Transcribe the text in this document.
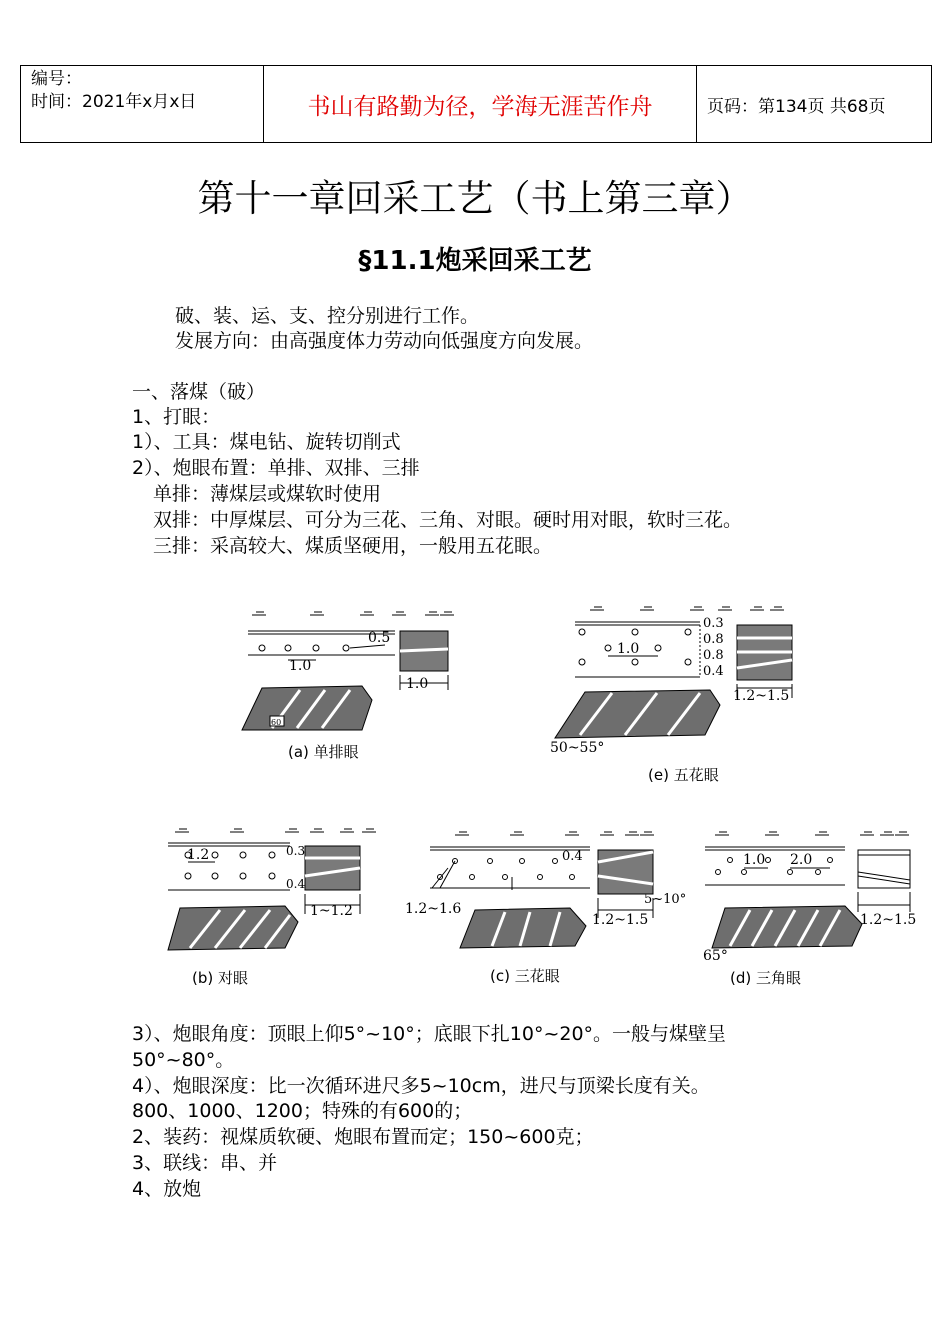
编号：
时间：2021年x月x日	书山有路勤为径，学海无涯苦作舟	页码：第134页 共68页
第十一章回采工艺（书上第三章）
§11.1炮采回采工艺
破、装、运、支、控分别进行工作。
发展方向：由高强度体力劳动向低强度方向发展。
一、落煤（破）
1、打眼：
1）、工具：煤电钻、旋转切削式
2）、炮眼布置：单排、双排、三排
单排：薄煤层或煤软时使用
双排：中厚煤层、可分为三花、三角、对眼。硬时用对眼，软时三花。
三排：采高较大、煤质坚硬用，一般用五花眼。
0.5
1.0
1.0
60
(a) 单排眼
1.0
0.3
0.8
0.8
0.4
1.2~1.5
50~55°
(e) 五花眼
1.2	0.3
0.4
1~1.2
(b) 对眼
0.4
1.2~1.6
5~10°
1.2~1.5
(c) 三花眼
1.0 2.0
1.2~1.5
65°
(d) 三角眼
3）、炮眼角度：顶眼上仰5°~10°；底眼下扎10°~20°。一般与煤壁呈
50°~80°。
4）、炮眼深度：比一次循环进尺多5~10cm，进尺与顶梁长度有关。
800、1000、1200；特殊的有600的；
2、装药：视煤质软硬、炮眼布置而定；150~600克；
3、联线：串、并
4、放炮
